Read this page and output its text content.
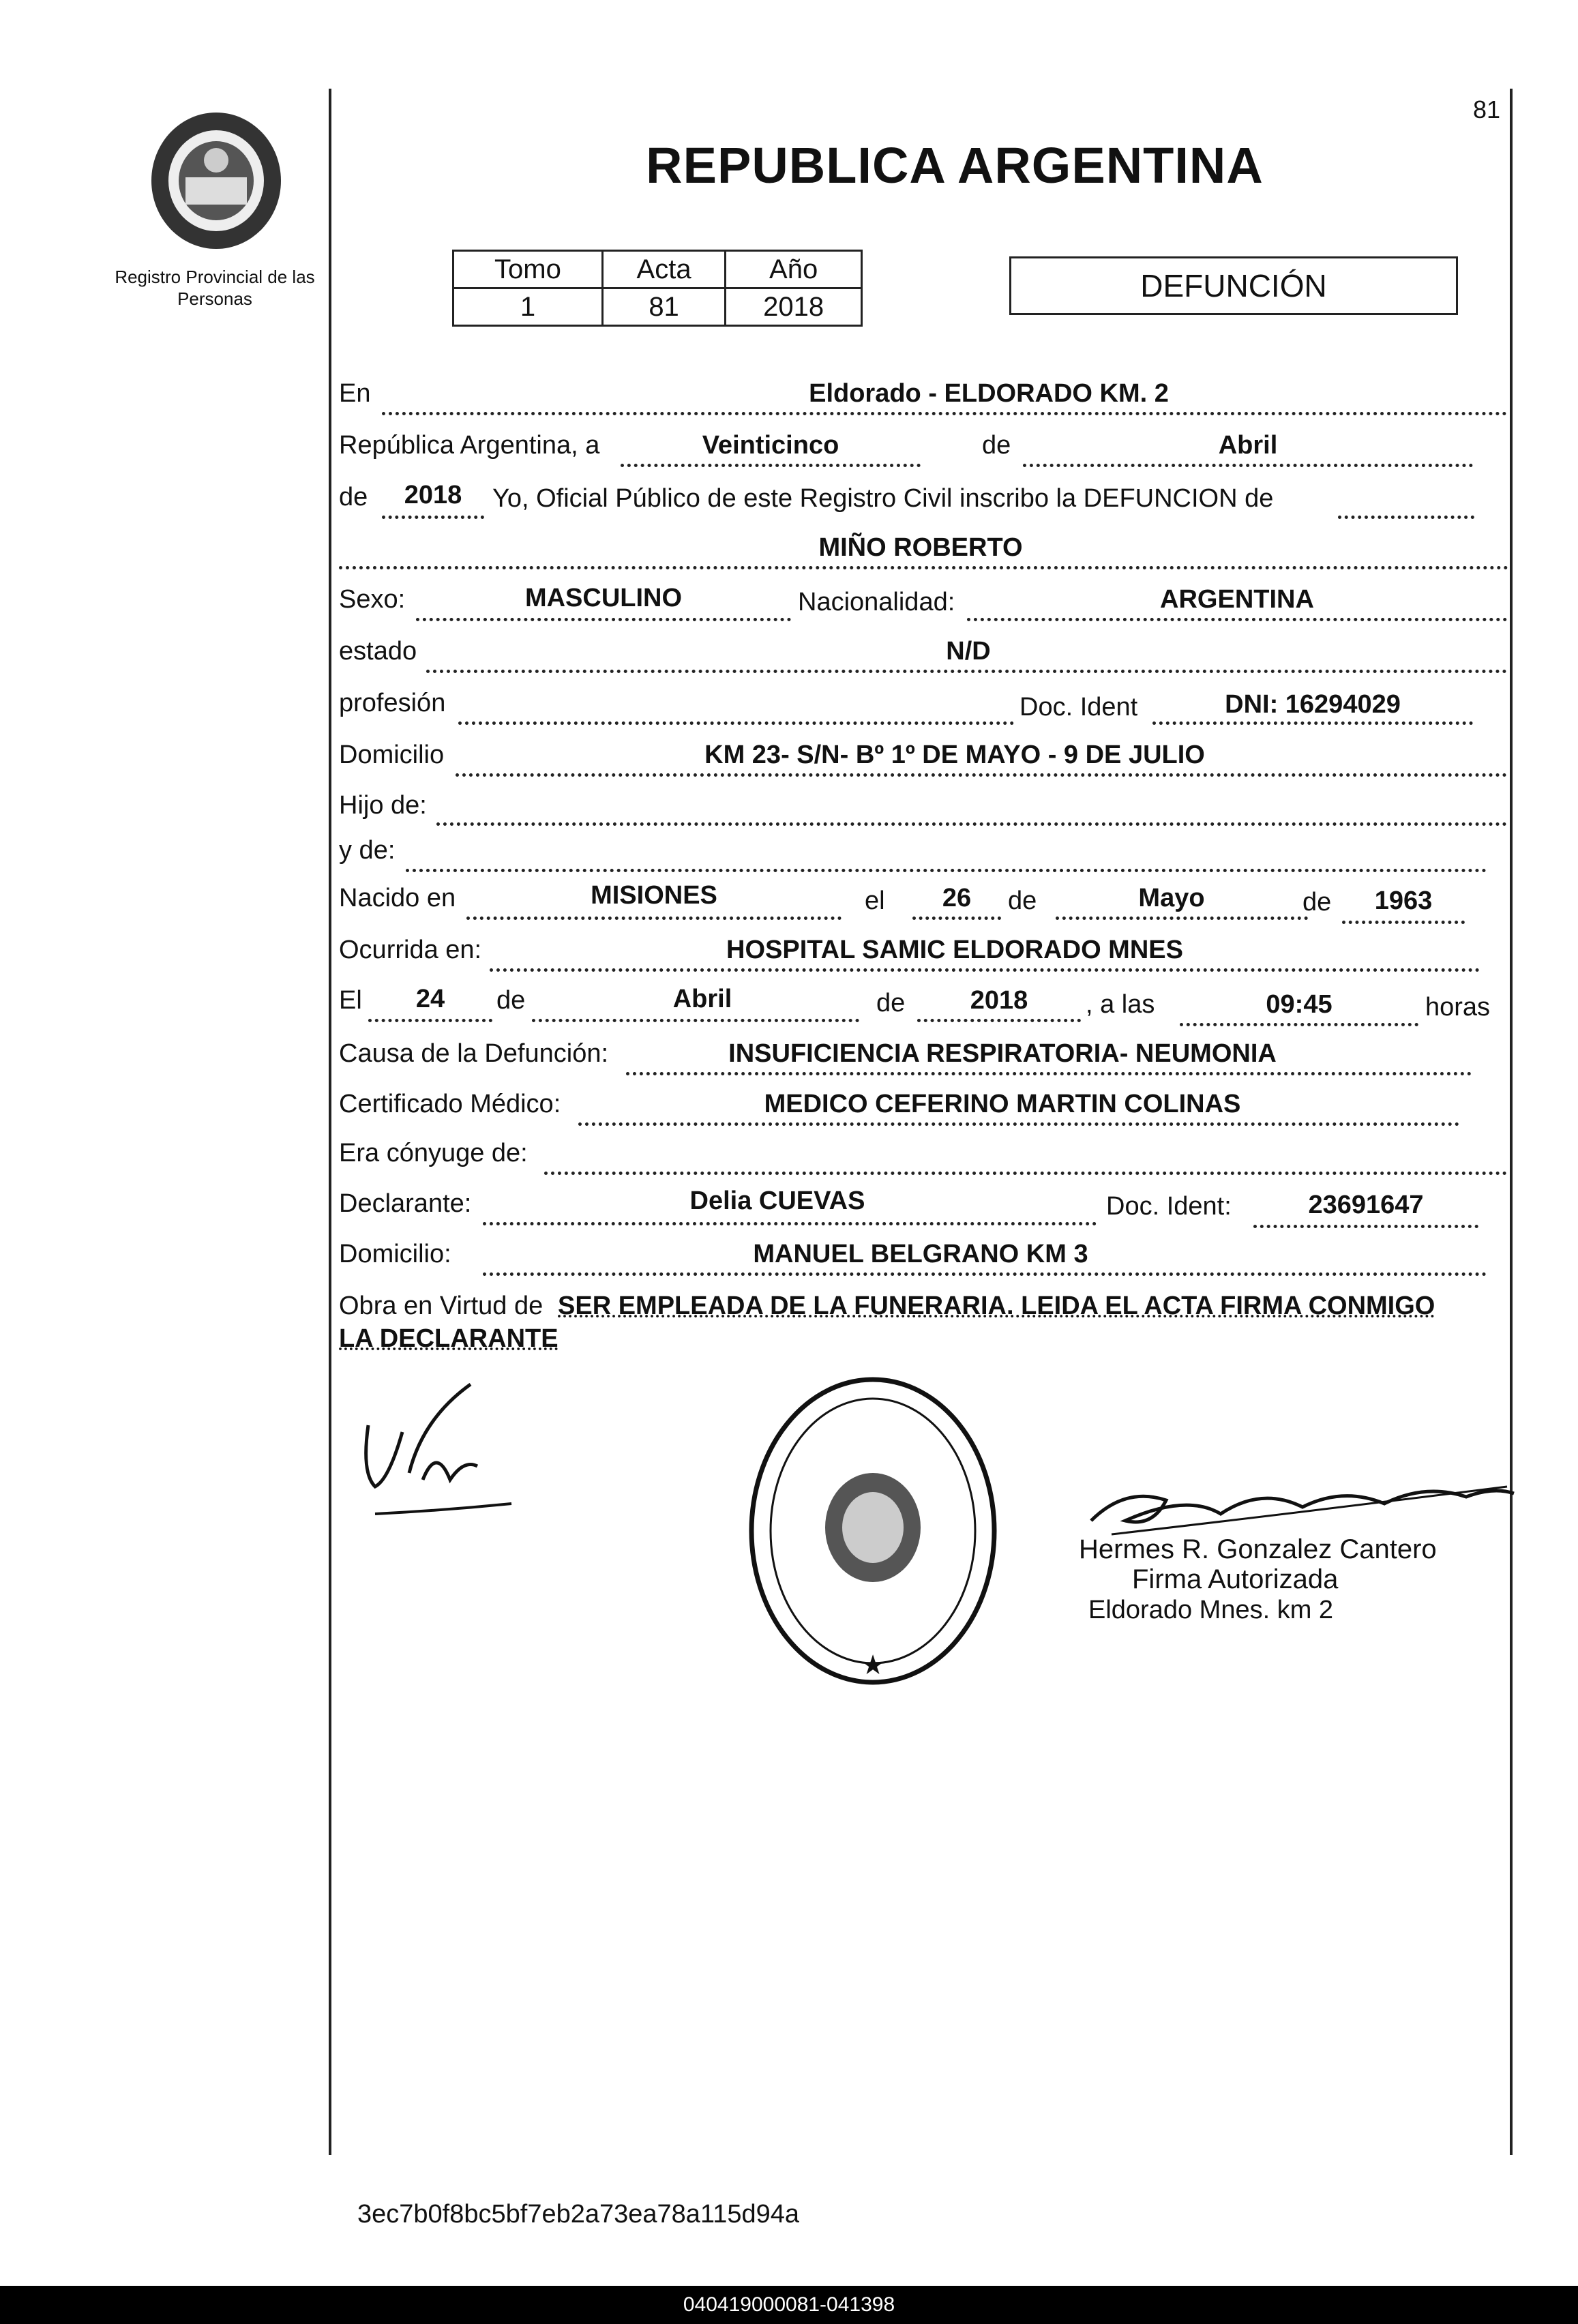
Registro Provincial de las Personas
81
REPUBLICA ARGENTINA
Tomo	Acta	Año
1	81	2018
DEFUNCIÓN
En	Eldorado - ELDORADO KM. 2
República Argentina, a	Veinticinco	de	Abril
de	2018	Yo, Oficial Público de este Registro Civil inscribo la DEFUNCION de
MIÑO ROBERTO
Sexo:	MASCULINO	Nacionalidad:	ARGENTINA
estado	N/D
profesión	Doc. Ident	DNI: 16294029
Domicilio	KM 23- S/N- Bº 1º DE MAYO - 9 DE JULIO
Hijo de:
y de:
Nacido en	MISIONES	el	26	de	Mayo	de	1963
Ocurrida en:	HOSPITAL SAMIC ELDORADO MNES
El	24	de	Abril	de	2018	, a las	09:45	horas
Causa de la Defunción:	INSUFICIENCIA RESPIRATORIA- NEUMONIA
Certificado Médico:	MEDICO CEFERINO MARTIN COLINAS
Era cónyuge de:
Declarante:	Delia CUEVAS	Doc. Ident:	23691647
Domicilio:	MANUEL BELGRANO KM 3
Obra en Virtud de SER EMPLEADA DE LA FUNERARIA. LEIDA EL ACTA FIRMA CONMIGO
LA DECLARANTE
★
Hermes R. Gonzalez Cantero
Firma Autorizada
Eldorado Mnes. km 2
3ec7b0f8bc5bf7eb2a73ea78a115d94a
040419000081-041398
